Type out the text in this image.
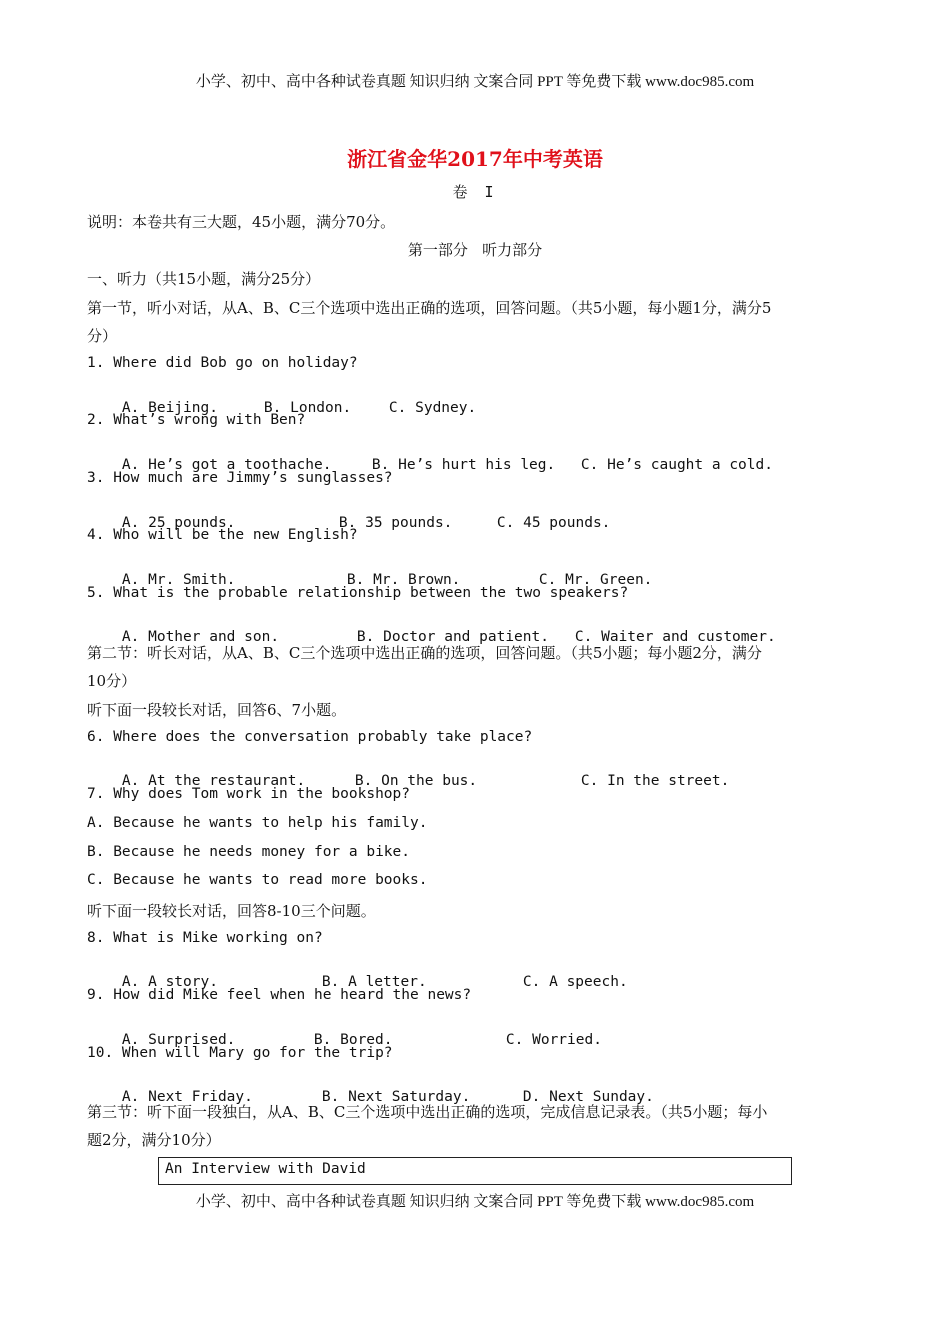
小学、初中、高中各种试卷真题 知识归纳 文案合同 PPT 等免费下载 www.doc985.com
浙江省金华2017年中考英语
卷 I
说明：本卷共有三大题，45小题，满分70分。
第一部分   听力部分
一、听力（共15小题，满分25分）
第一节，听小对话，从A、B、C三个选项中选出正确的选项，回答问题。（共5小题，每小题1分，满分5
分）
1. Where did Bob go on holiday?

A. Beijing.	B. London.	C. Sydney.

2. What’s wrong with Ben?

A. He’s got a toothache.	B. He’s hurt his leg. C. He’s caught a cold.

3. How much are Jimmy’s sunglasses?

A. 25 pounds.	B. 35 pounds.	C. 45 pounds.

4. Who will be the new English?

A. Mr. Smith.	B. Mr. Brown.	C. Mr. Green.

5. What is the probable relationship between the two speakers?

A. Mother and son.	B. Doctor and patient. C. Waiter and customer.

第二节：听长对话，从A、B、C三个选项中选出正确的选项，回答问题。（共5小题；每小题2分，满分
10分）
听下面一段较长对话，回答6、7小题。
6. Where does the conversation probably take place?

A. At the restaurant.	B. On the bus.	C. In the street.

7. Why does Tom work in the bookshop?
A. Because he wants to help his family.
B. Because he needs money for a bike.
C. Because he wants to read more books.
听下面一段较长对话，回答8-10三个问题。
8. What is Mike working on?

A. A story.	B. A letter.	C. A speech.

9. How did Mike feel when he heard the news?

A. Surprised.	B. Bored.	C. Worried.

10. When will Mary go for the trip?

A. Next Friday.	B. Next Saturday.	D. Next Sunday.

第三节：听下面一段独白，从A、B、C三个选项中选出正确的选项，完成信息记录表。（共5小题；每小
题2分，满分10分）
An Interview with David
小学、初中、高中各种试卷真题 知识归纳 文案合同 PPT 等免费下载 www.doc985.com
